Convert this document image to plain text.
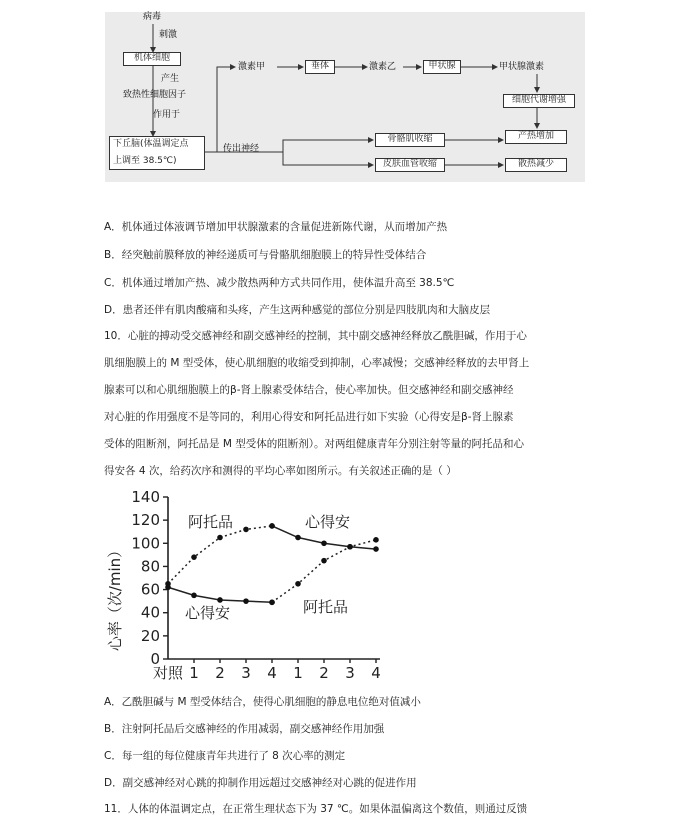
病毒
刺激
机体细胞
产生
致热性细胞因子
作用于
下丘脑(体温调定点
上调至 38.5℃)
激素甲	垂体	激素乙	甲状腺	甲状腺激素
细胞代谢增强
产热增加
传出神经
骨骼肌收缩
皮肤血管收缩	散热减少
A．机体通过体液调节增加甲状腺激素的含量促进新陈代谢，从而增加产热
B．经突触前膜释放的神经递质可与骨骼肌细胞膜上的特异性受体结合
C．机体通过增加产热、减少散热两种方式共同作用，使体温升高至 38.5℃
D．患者还伴有肌肉酸痛和头疼，产生这两种感觉的部位分别是四肢肌肉和大脑皮层
10．心脏的搏动受交感神经和副交感神经的控制，其中副交感神经释放乙酰胆碱，作用于心
肌细胞膜上的 M 型受体，使心肌细胞的收缩受到抑制，心率减慢；交感神经释放的去甲肾上
腺素可以和心肌细胞膜上的β-肾上腺素受体结合，使心率加快。但交感神经和副交感神经
对心脏的作用强度不是等同的，利用心得安和阿托品进行如下实验（心得安是β-肾上腺素
受体的阻断剂，阿托品是 M 型受体的阻断剂）。对两组健康青年分别注射等量的阿托品和心
得安各 4 次，给药次序和测得的平均心率如图所示。有关叙述正确的是（ ）
心率（次/min）
0
20
40
60
80
100
120
140
对照 1 2 3 4 1 2 3 4
阿托品	心得安
心得安	阿托品
A．乙酰胆碱与 M 型受体结合，使得心肌细胞的静息电位绝对值减小
B．注射阿托品后交感神经的作用减弱，副交感神经作用加强
C．每一组的每位健康青年共进行了 8 次心率的测定
D．副交感神经对心跳的抑制作用远超过交感神经对心跳的促进作用
11．人体的体温调定点，在正常生理状态下为 37 ℃。如果体温偏离这个数值，则通过反馈
